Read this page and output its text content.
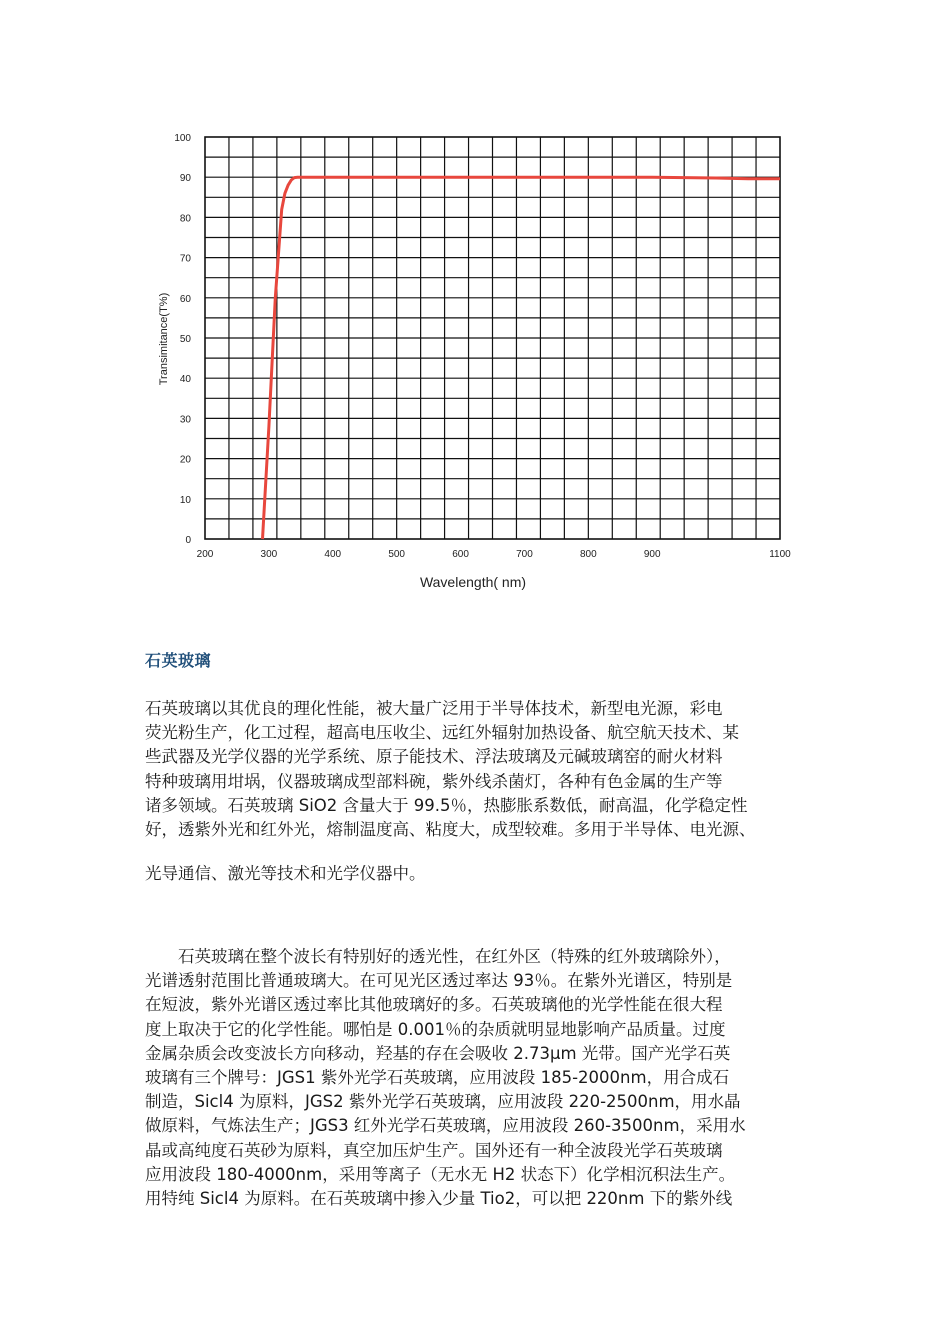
0
10
20
30
40
50
60
70
80
90
100
200	300	400	500	600	700	800	900	1100
Transimitance(T%)
Wavelength( nm)
石英玻璃
石英玻璃以其优良的理化性能，被大量广泛用于半导体技术，新型电光源，彩电
荧光粉生产，化工过程，超高电压收尘、远红外辐射加热设备、航空航天技术、某
些武器及光学仪器的光学系统、原子能技术、浮法玻璃及元碱玻璃窑的耐火材料
特种玻璃用坩埚，仪器玻璃成型部料碗，紫外线杀菌灯，各种有色金属的生产等
诸多领域。石英玻璃 SiO2 含量大于 99.5％，热膨胀系数低，耐高温，化学稳定性
好，透紫外光和红外光，熔制温度高、粘度大，成型较难。多用于半导体、电光源、

光导通信、激光等技术和光学仪器中。

　　石英玻璃在整个波长有特别好的透光性，在红外区（特殊的红外玻璃除外），
光谱透射范围比普通玻璃大。在可见光区透过率达 93％。在紫外光谱区，特别是
在短波，紫外光谱区透过率比其他玻璃好的多。石英玻璃他的光学性能在很大程
度上取决于它的化学性能。哪怕是 0.001％的杂质就明显地影响产品质量。过度
金属杂质会改变波长方向移动，羟基的存在会吸收 2.73μm 光带。国产光学石英
玻璃有三个牌号：JGS1 紫外光学石英玻璃，应用波段 185-2000nm，用合成石
制造，Sicl4 为原料，JGS2 紫外光学石英玻璃，应用波段 220-2500nm，用水晶
做原料，气炼法生产；JGS3 红外光学石英玻璃，应用波段 260-3500nm，采用水
晶或高纯度石英砂为原料，真空加压炉生产。国外还有一种全波段光学石英玻璃
应用波段 180-4000nm，采用等离子（无水无 H2 状态下）化学相沉积法生产。
用特纯 Sicl4 为原料。在石英玻璃中掺入少量 Tio2，可以把 220nm 下的紫外线
